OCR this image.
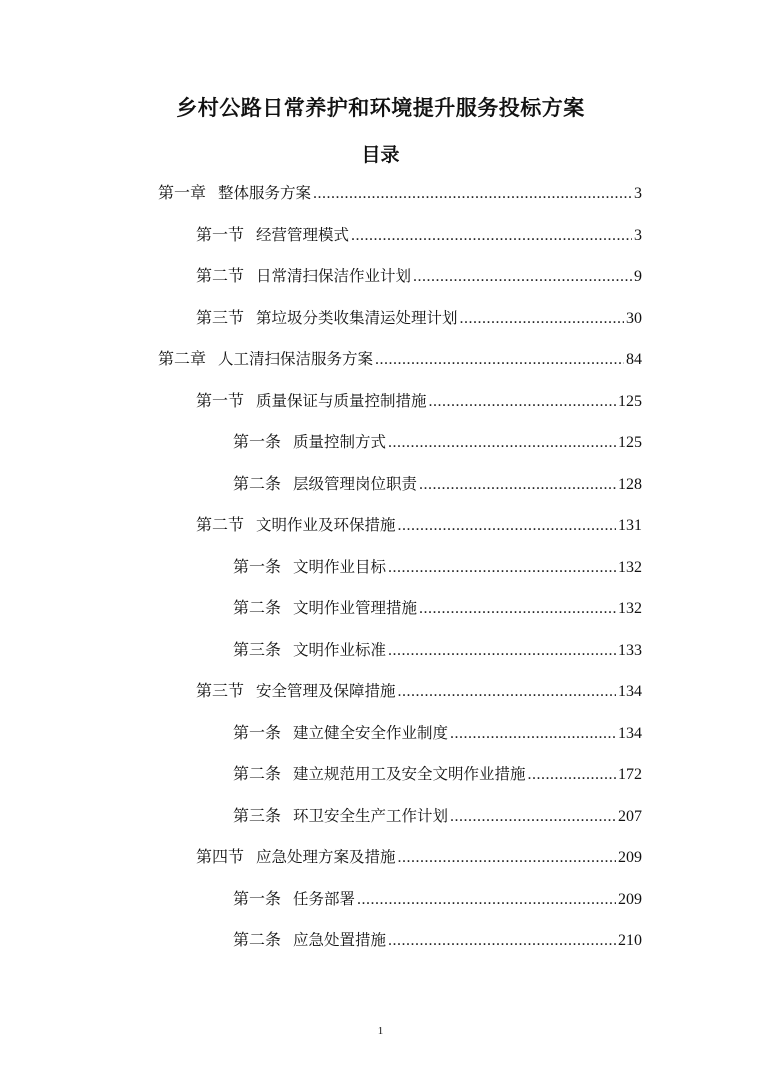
乡村公路日常养护和环境提升服务投标方案
目录
第一章 整体服务方案 .....	3
第一节 经营管理模式 .....	3
第二节 日常清扫保洁作业计划 .....	9
第三节 第垃圾分类收集清运处理计划 .....	30
第二章 人工清扫保洁服务方案 .....	84
第一节 质量保证与质量控制措施 .....	125
第一条 质量控制方式 .....	125
第二条 层级管理岗位职责 .....	128
第二节 文明作业及环保措施 .....	131
第一条 文明作业目标 .....	132
第二条 文明作业管理措施 .....	132
第三条 文明作业标准 .....	133
第三节 安全管理及保障措施 .....	134
第一条 建立健全安全作业制度 .....	134
第二条 建立规范用工及安全文明作业措施 .....	172
第三条 环卫安全生产工作计划 .....	207
第四节 应急处理方案及措施 .....	209
第一条 任务部署 .....	209
第二条 应急处置措施 .....	210
1
